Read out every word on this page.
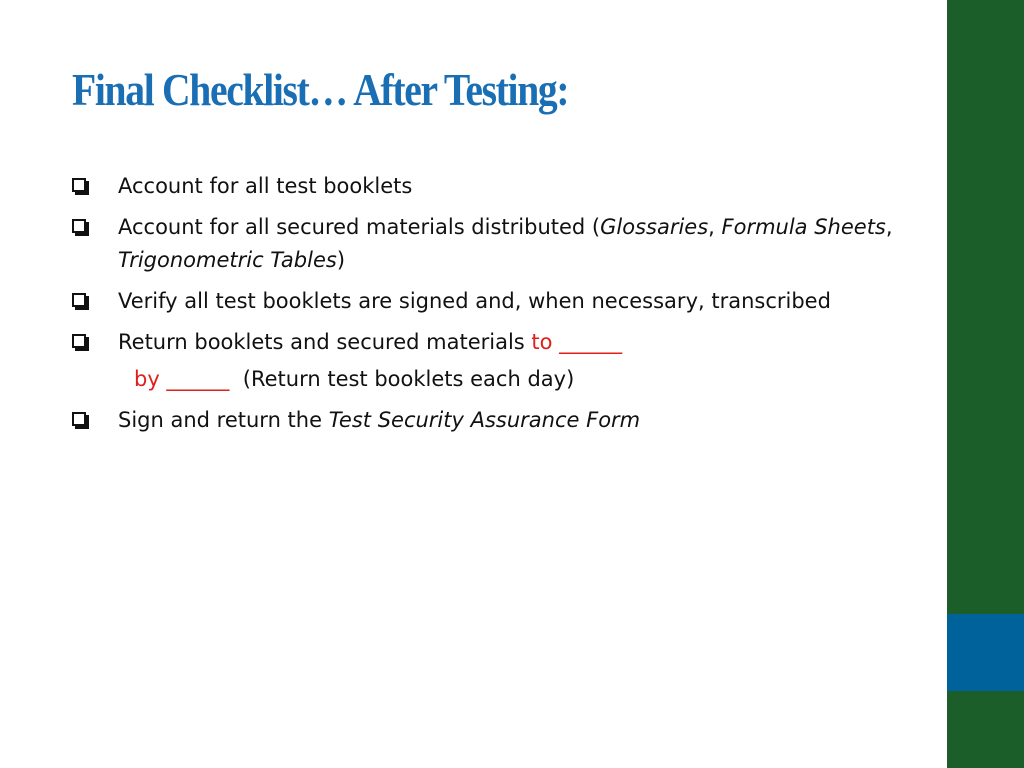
Final Checklist… After Testing:
Account for all test booklets
Account for all secured materials distributed (Glossaries, Formula Sheets, Trigonometric Tables)
Verify all test booklets are signed and, when necessary, transcribed
Return booklets and secured materials to ______
by ______  (Return test booklets each day)
Sign and return the Test Security Assurance Form
